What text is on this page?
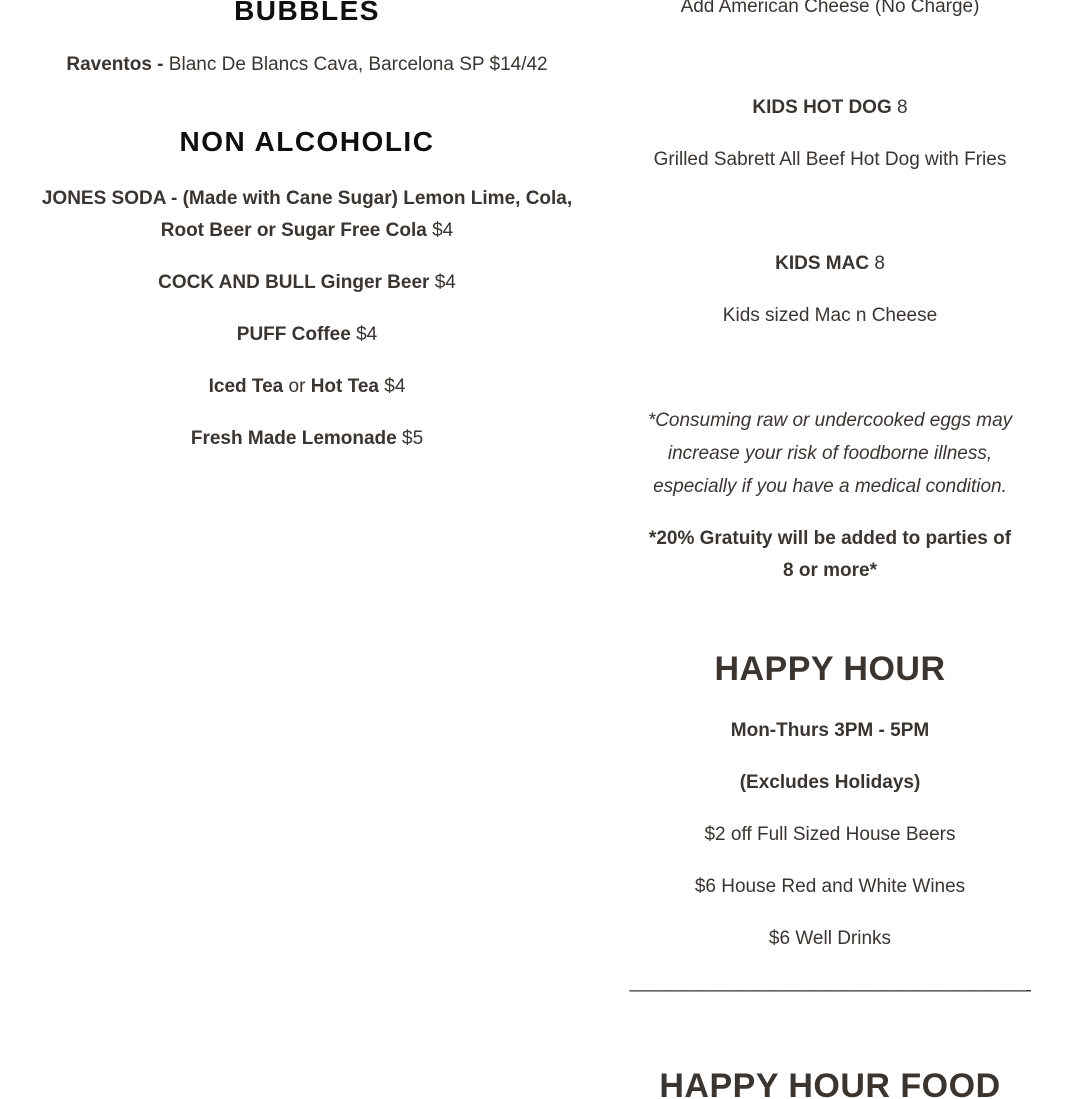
BUBBLES
Raventos - Blanc De Blancs Cava, Barcelona SP $14/42
NON ALCOHOLIC
JONES SODA - (Made with Cane Sugar) Lemon Lime, Cola,
Root Beer or Sugar Free Cola $4
COCK AND BULL Ginger Beer $4
PUFF Coffee $4
Iced Tea or Hot Tea $4
Fresh Made Lemonade $5
Add American Cheese (No Charge)
KIDS HOT DOG 8
Grilled Sabrett All Beef Hot Dog with Fries
KIDS MAC 8
Kids sized Mac n Cheese
*Consuming raw or undercooked eggs may
increase your risk of foodborne illness,
especially if you have a medical condition.
*20% Gratuity will be added to parties of
8 or more*
HAPPY HOUR
Mon-Thurs 3PM - 5PM
(Excludes Holidays)
$2 off Full Sized House Beers
$6 House Red and White Wines
$6 Well Drinks
——————————————————————-
HAPPY HOUR FOOD
